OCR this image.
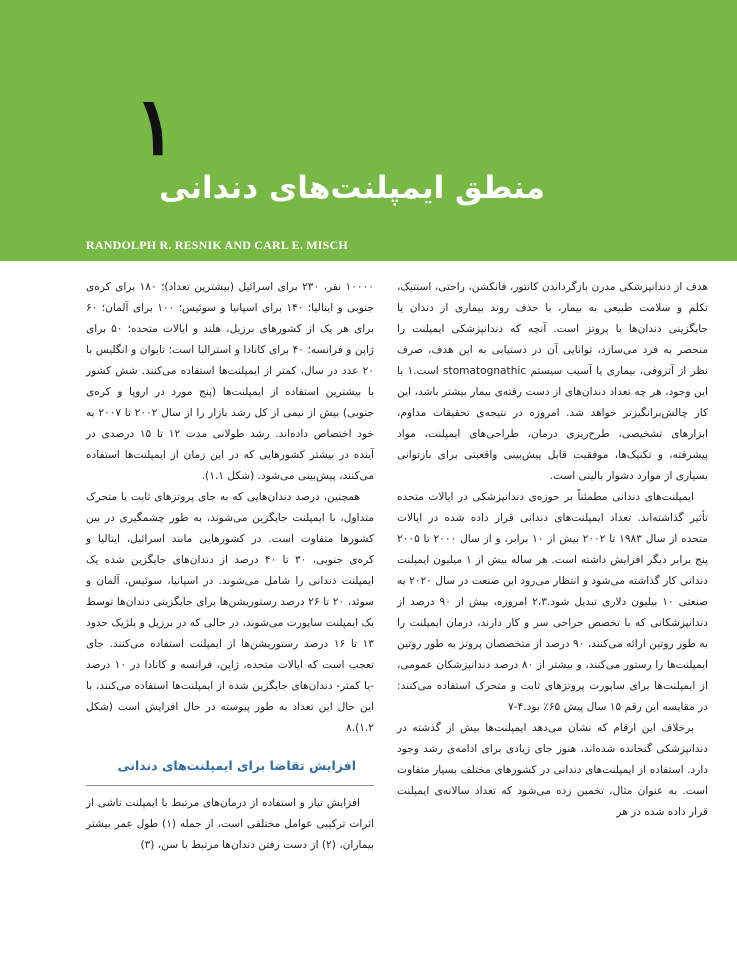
۱
منطق ایمپلنت‌های دندانی
RANDOLPH R. RESNIK AND CARL E. MISCH

هدف از دندانپزشکی مدرن بازگرداندن کانتور، فانکشن، راحتی، استتیک، تکلم و سلامت طبیعی به بیمار، با حذف روند بیماری از دندان یا جایگزینی دندان‌ها با پروتز است. آنچه که دندانپزشکی ایمپلنت را منحصر به فرد می‌سازد، توانایی آن در دستیابی به این هدف، صرف نظر از آتروفی، بیماری یا آسیب سیستم stomatognathic است.۱ با این وجود، هر چه تعداد دندان‌های از دست رفته‌ی بیمار بیشتر باشد، این کار چالش‌برانگیزتر خواهد شد. امروزه در نتیجه‌ی تحقیقات مداوم، ابزارهای تشخیصی، طرح‌ریزی درمان، طراحی‌های ایمپلنت، مواد پیشرفته، و تکنیک‌ها، موفقیت قابل پیش‌بینی واقعیتی برای بازتوانی بسیاری از موارد دشوار بالینی است.

ایمپلنت‌های دندانی مطمئناً بر حوزه‌ی دندانپزشکی در ایالات متحده تأثیر گذاشته‌اند. تعداد ایمپلنت‌های دندانی قرار داده شده در ایالات متحده از سال ۱۹۸۳ تا ۲۰۰۲ بیش از ۱۰ برابر، و از سال ۲۰۰۰ تا ۲۰۰۵ پنج برابر دیگر افزایش داشته است. هر ساله بیش از ۱ میلیون ایمپلنت دندانی کار گذاشته می‌شود و انتظار می‌رود این صنعت در سال ۲۰۲۰ به صنعتی ۱۰ بیلیون دلاری تبدیل شود.۲،۳ امروزه، بیش از ۹۰ درصد از دندانپزشکانی که با تخصص جراحی سر و کار دارند، درمان ایمپلنت را به طور روتین ارائه می‌کنند، ۹۰ درصد از متخصصان پروتز به طور روتین ایمپلنت‌ها را رستور می‌کنند، و بیشتر از ۸۰ درصد دندانپزشکان عمومی، از ایمپلنت‌ها برای ساپورت پروتزهای ثابت و متحرک استفاده می‌کنند: در مقایسه این رقم ۱۵ سال پیش ۶۵٪ بود.۴-۷

برخلاف این ارقام که نشان می‌دهد ایمپلنت‌ها بیش از گذشته در دندانپزشکی گنجانده شده‌اند، هنوز جای زیادی برای ادامه‌ی رشد وجود دارد. استفاده از ایمپلنت‌های دندانی در کشورهای مختلف بسیار متفاوت است. به عنوان مثال، تخمین زده می‌شود که تعداد سالانه‌ی ایمپلنت قرار داده شده در هر

۱۰۰۰۰ نفر، ۲۳۰ برای اسرائیل (بیشترین تعداد)؛ ۱۸۰ برای کره‌ی جنوبی و ایتالیا؛ ۱۴۰ برای اسپانیا و سوئیس؛ ۱۰۰ برای آلمان؛ ۶۰ برای هر یک از کشورهای برزیل، هلند و ایالات متحده؛ ۵۰ برای ژاپن و فرانسه؛ ۴۰ برای کانادا و استرالیا است؛ تایوان و انگلیس با ۲۰ عدد در سال، کمتر از ایمپلنت‌ها استفاده می‌کنند. شش کشور با بیشترین استفاده از ایمپلنت‌ها (پنج مورد در اروپا و کره‌ی جنوبی) بیش از نیمی از کل رشد بازار را از سال ۲۰۰۲ تا ۲۰۰۷ به خود اختصاص داده‌اند. رشد طولانی مدت ۱۲ تا ۱۵ درصدی در آینده در بیشتر کشورهایی که در این زمان از ایمپلنت‌ها استفاده می‌کنند، پیش‌بینی می‌شود. (شکل ۱.۱).

همچنین، درصد دندان‌هایی که به جای پروتزهای ثابت یا متحرک متداول، با ایمپلنت جایگزین می‌شوند، به طور چشمگیری در بین کشورها متفاوت است. در کشورهایی مانند اسرائیل، ایتالیا و کره‌ی جنوبی، ۳۰ تا ۴۰ درصد از دندان‌های جایگزین شده یک ایمپلنت دندانی را شامل می‌شوند. در اسپانیا، سوئیس، آلمان و سوئد، ۲۰ تا ۲۶ درصد رستوریشن‌ها برای جایگزینی دندان‌ها توسط یک ایمپلنت ساپورت می‌شوند، در حالی که در برزیل و بلژیک حدود ۱۳ تا ۱۶ درصد رستوریشن‌ها از ایمپلنت استفاده می‌کنند. جای تعجب است که ایالات متحده، ژاپن، فرانسه و کانادا در ۱۰ درصد -یا کمتر- دندان‌های جایگزین شده از ایمپلنت‌ها استفاده می‌کنند، با این حال این تعداد به طور پیوسته در حال افزایش است (شکل ۱.۲).۸

افزایش تقاضا برای ایمپلنت‌های دندانی

افزایش نیاز و استفاده از درمان‌های مرتبط با ایمپلنت ناشی از اثرات ترکیبی عوامل مختلفی است، از جمله (۱) طول عمر بیشتر بیماران، (۲) از دست رفتن دندان‌ها مرتبط با سن، (۳)
